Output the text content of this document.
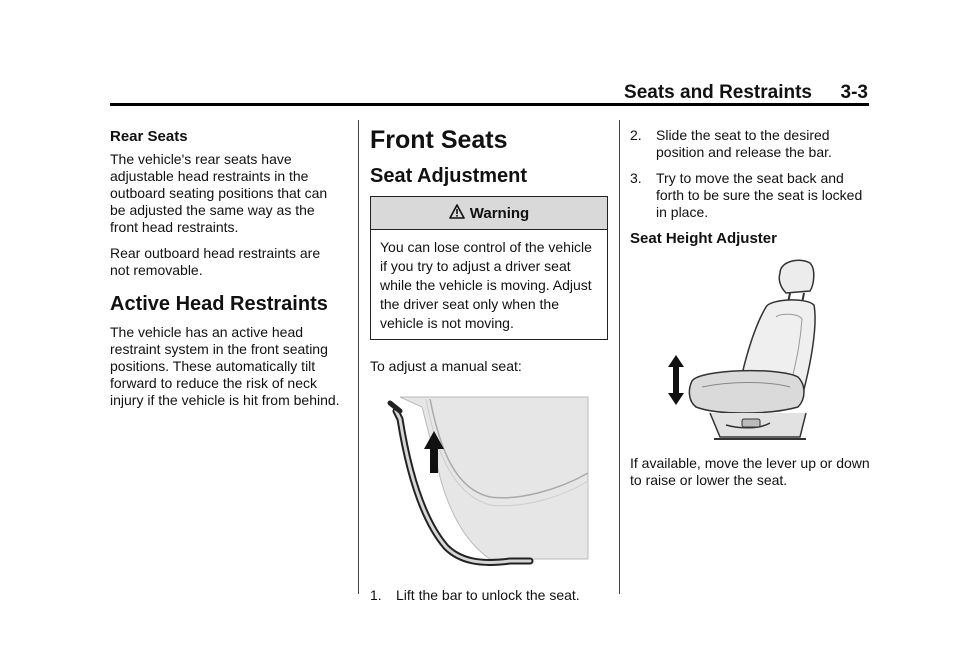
Seats and Restraints 3-3
Rear Seats

The vehicle's rear seats have adjustable head restraints in the outboard seating positions that can be adjusted the same way as the front head restraints.

Rear outboard head restraints are not removable.

Active Head Restraints

The vehicle has an active head restraint system in the front seating positions. These automatically tilt forward to reduce the risk of neck injury if the vehicle is hit from behind.

Front Seats
Seat Adjustment
Warning
You can lose control of the vehicle if you try to adjust a driver seat while the vehicle is moving. Adjust the driver seat only when the vehicle is not moving.

To adjust a manual seat:

1. Lift the bar to unlock the seat.
2. Slide the seat to the desired position and release the bar.
3. Try to move the seat back and forth to be sure the seat is locked in place.
Seat Height Adjuster

If available, move the lever up or down to raise or lower the seat.
